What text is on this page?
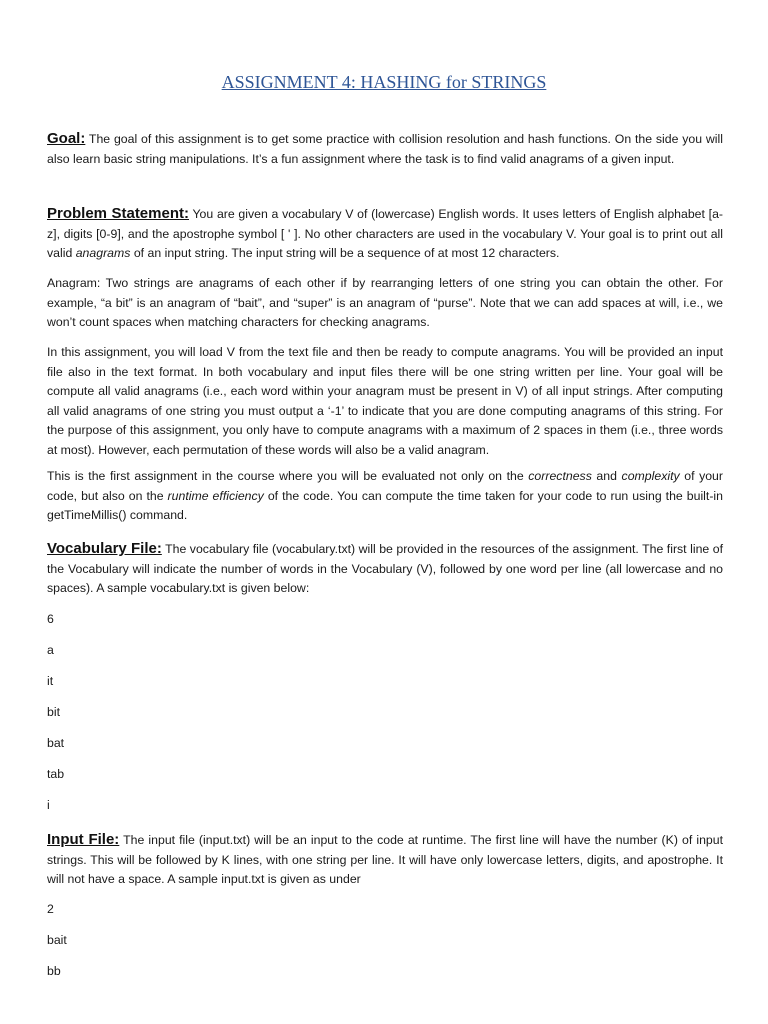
ASSIGNMENT 4: HASHING for STRINGS
Goal: The goal of this assignment is to get some practice with collision resolution and hash functions. On the side you will also learn basic string manipulations. It’s a fun assignment where the task is to find valid anagrams of a given input.
Problem Statement: You are given a vocabulary V of (lowercase) English words. It uses letters of English alphabet [a-z], digits [0-9], and the apostrophe symbol [ ' ]. No other characters are used in the vocabulary V. Your goal is to print out all valid anagrams of an input string. The input string will be a sequence of at most 12 characters.
Anagram: Two strings are anagrams of each other if by rearranging letters of one string you can obtain the other. For example, “a bit” is an anagram of “bait”, and “super” is an anagram of “purse”. Note that we can add spaces at will, i.e., we won’t count spaces when matching characters for checking anagrams.
In this assignment, you will load V from the text file and then be ready to compute anagrams. You will be provided an input file also in the text format. In both vocabulary and input files there will be one string written per line. Your goal will be compute all valid anagrams (i.e., each word within your anagram must be present in V) of all input strings. After computing all valid anagrams of one string you must output a ‘-1’ to indicate that you are done computing anagrams of this string. For the purpose of this assignment, you only have to compute anagrams with a maximum of 2 spaces in them (i.e., three words at most). However, each permutation of these words will also be a valid anagram.
This is the first assignment in the course where you will be evaluated not only on the correctness and complexity of your code, but also on the runtime efficiency of the code. You can compute the time taken for your code to run using the built-in getTimeMillis() command.
Vocabulary File: The vocabulary file (vocabulary.txt) will be provided in the resources of the assignment. The first line of the Vocabulary will indicate the number of words in the Vocabulary (V), followed by one word per line (all lowercase and no spaces). A sample vocabulary.txt is given below:
6
a
it
bit
bat
tab
i
Input File: The input file (input.txt) will be an input to the code at runtime. The first line will have the number (K) of input strings. This will be followed by K lines, with one string per line. It will have only lowercase letters, digits, and apostrophe. It will not have a space. A sample input.txt is given as under
2
bait
bb
